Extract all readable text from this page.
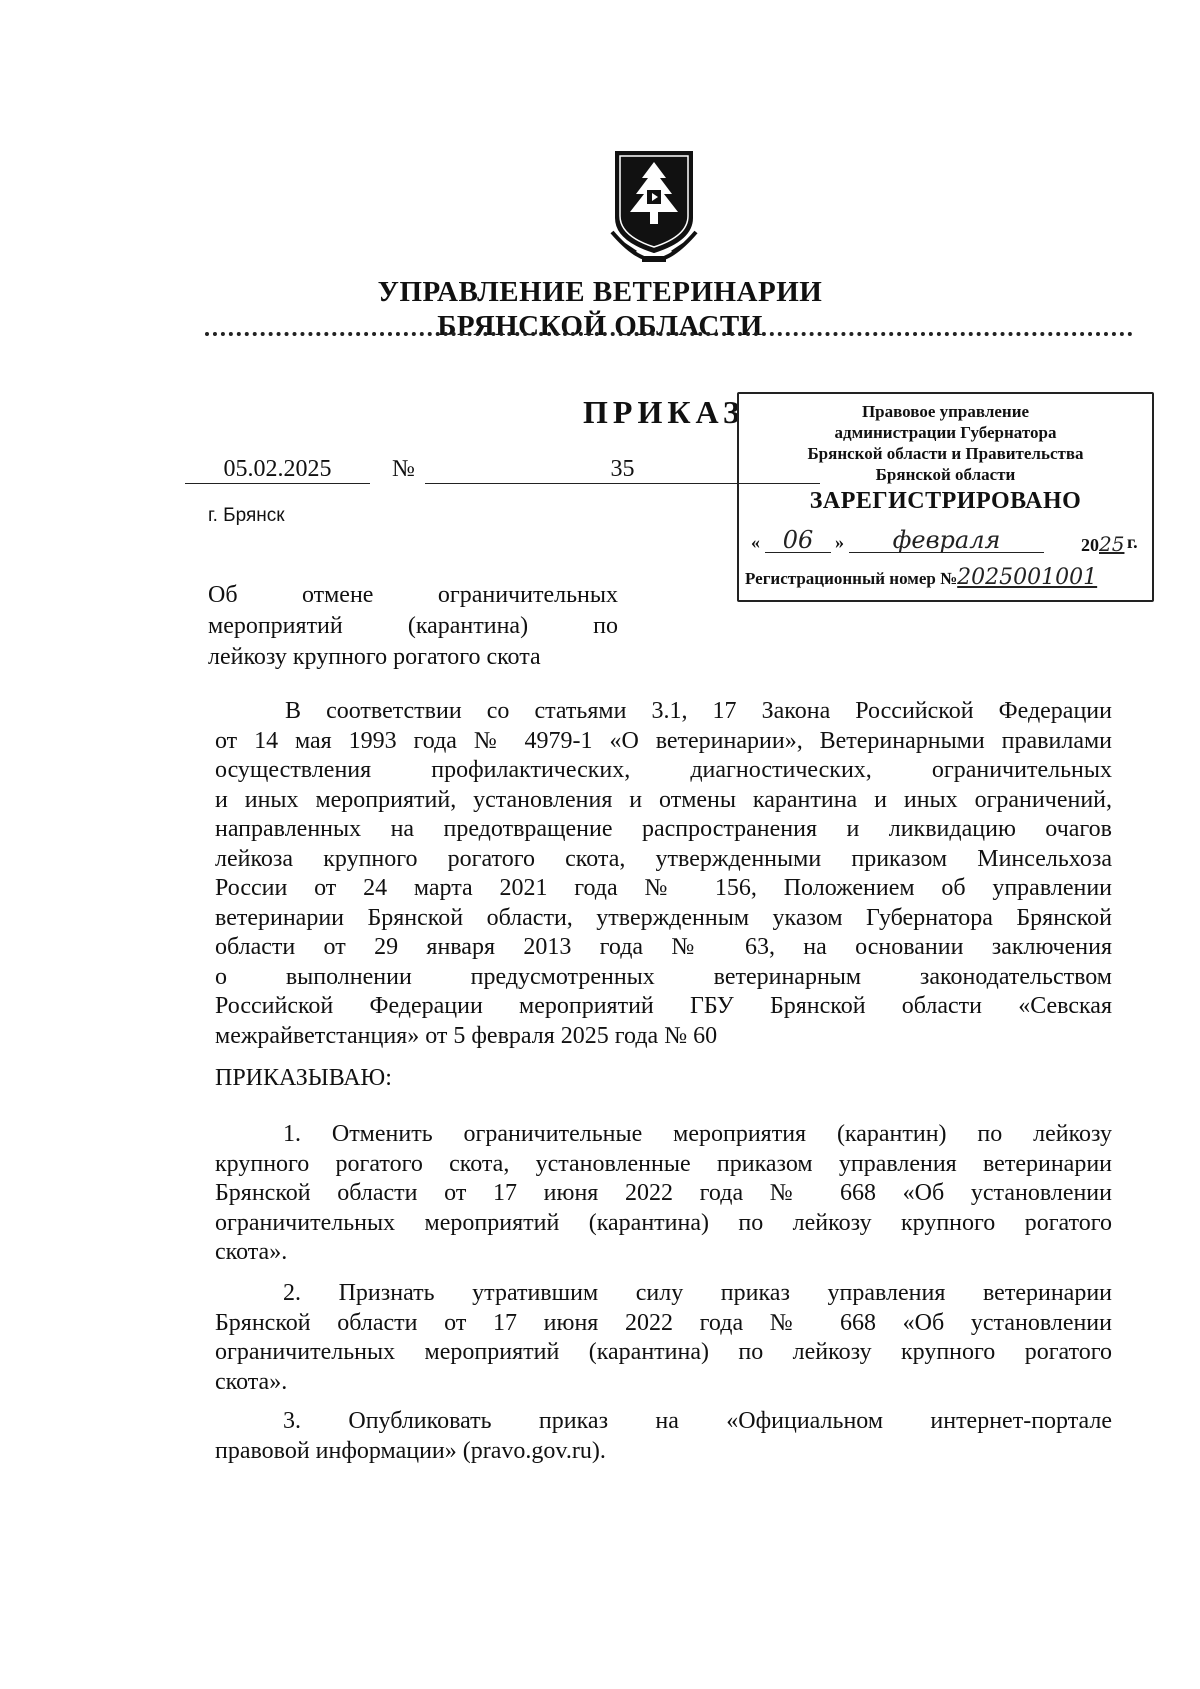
УПРАВЛЕНИЕ ВЕТЕРИНАРИИ
БРЯНСКОЙ ОБЛАСТИ
ПРИКАЗ
05.02.2025	№	35
г. Брянск
Об отмене ограничительных
мероприятий (карантина) по
лейкозу крупного рогатого скота
Правовое управление
администрации Губернатора
Брянской области и Правительства
Брянской области
ЗАРЕГИСТРИРОВАНО
« 06	»	февраля	2025 г.
Регистрационный номер №2025001001
В соответствии со статьями 3.1, 17 Закона Российской Федерации
от 14 мая 1993 года № 4979-1 «О ветеринарии», Ветеринарными правилами
осуществления профилактических, диагностических, ограничительных
и иных мероприятий, установления и отмены карантина и иных ограничений,
направленных на предотвращение распространения и ликвидацию очагов
лейкоза крупного рогатого скота, утвержденными приказом Минсельхоза
России от 24 марта 2021 года № 156, Положением об управлении
ветеринарии Брянской области, утвержденным указом Губернатора Брянской
области от 29 января 2013 года № 63, на основании заключения
о выполнении предусмотренных ветеринарным законодательством
Российской Федерации мероприятий ГБУ Брянской области «Севская
межрайветстанция» от 5 февраля 2025 года № 60
ПРИКАЗЫВАЮ:
1. Отменить ограничительные мероприятия (карантин) по лейкозу
крупного рогатого скота, установленные приказом управления ветеринарии
Брянской области от 17 июня 2022 года № 668 «Об установлении
ограничительных мероприятий (карантина) по лейкозу крупного рогатого
скота».
2. Признать утратившим силу приказ управления ветеринарии
Брянской области от 17 июня 2022 года № 668 «Об установлении
ограничительных мероприятий (карантина) по лейкозу крупного рогатого
скота».
3. Опубликовать приказ на «Официальном интернет-портале
правовой информации» (pravo.gov.ru).
